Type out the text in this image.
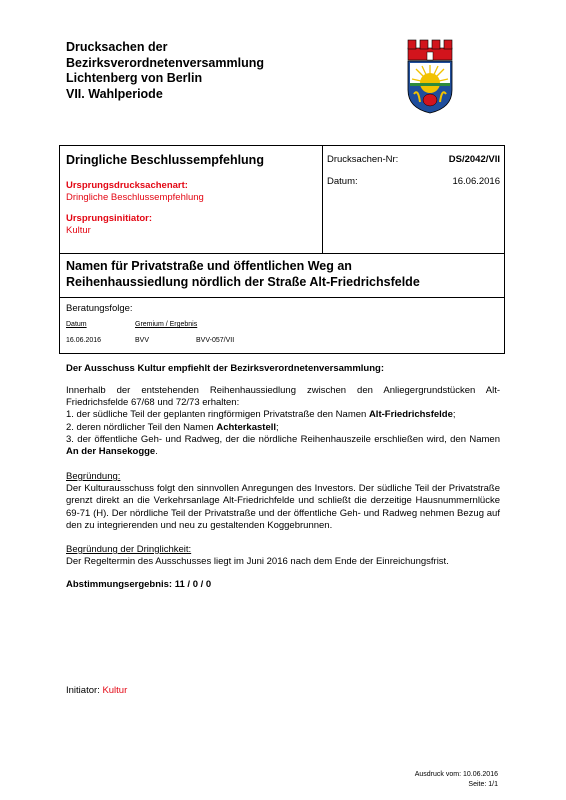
Drucksachen der
Bezirksverordnetenversammlung
Lichtenberg von Berlin
VII. Wahlperiode
Dringliche Beschlussempfehlung
Ursprungsdrucksachenart:
Dringliche Beschlussempfehlung
Ursprungsinitiator:
Kultur
Drucksachen-Nr:	DS/2042/VII
Datum:	16.06.2016
Namen für Privatstraße und öffentlichen Weg an
Reihenhaussiedlung nördlich der Straße Alt-Friedrichsfelde
Beratungsfolge:
Datum	Gremium / Ergebnis
16.06.2016	BVV	BVV-057/VII
Der Ausschuss Kultur empfiehlt der Bezirksverordnetenversammlung:

Innerhalb der entstehenden Reihenhaussiedlung zwischen den Anliegergrundstücken Alt-Friedrichsfelde 67/68 und 72/73 erhalten:

1. der südliche Teil der geplanten ringförmigen Privatstraße den Namen Alt-Friedrichsfelde;

2. deren nördlicher Teil den Namen Achterkastell;

3. der öffentliche Geh- und Radweg, der die nördliche Reihenhauszeile erschließen wird, den Namen An der Hansekogge.

Begründung:

Der Kulturausschuss folgt den sinnvollen Anregungen des Investors. Der südliche Teil der Privatstraße grenzt direkt an die Verkehrsanlage Alt-Friedrichfelde und schließt die derzeitige Hausnummernlücke 69-71 (H). Der nördliche Teil der Privatstraße und der öffentliche Geh- und Radweg nehmen Bezug auf den zu integrierenden und neu zu gestaltenden Koggebrunnen.

Begründung der Dringlichkeit:

Der Regeltermin des Ausschusses liegt im Juni 2016 nach dem Ende der Einreichungsfrist.

Abstimmungsergebnis: 11 / 0 / 0
Initiator: Kultur
Ausdruck vom: 10.06.2016
Seite: 1/1
